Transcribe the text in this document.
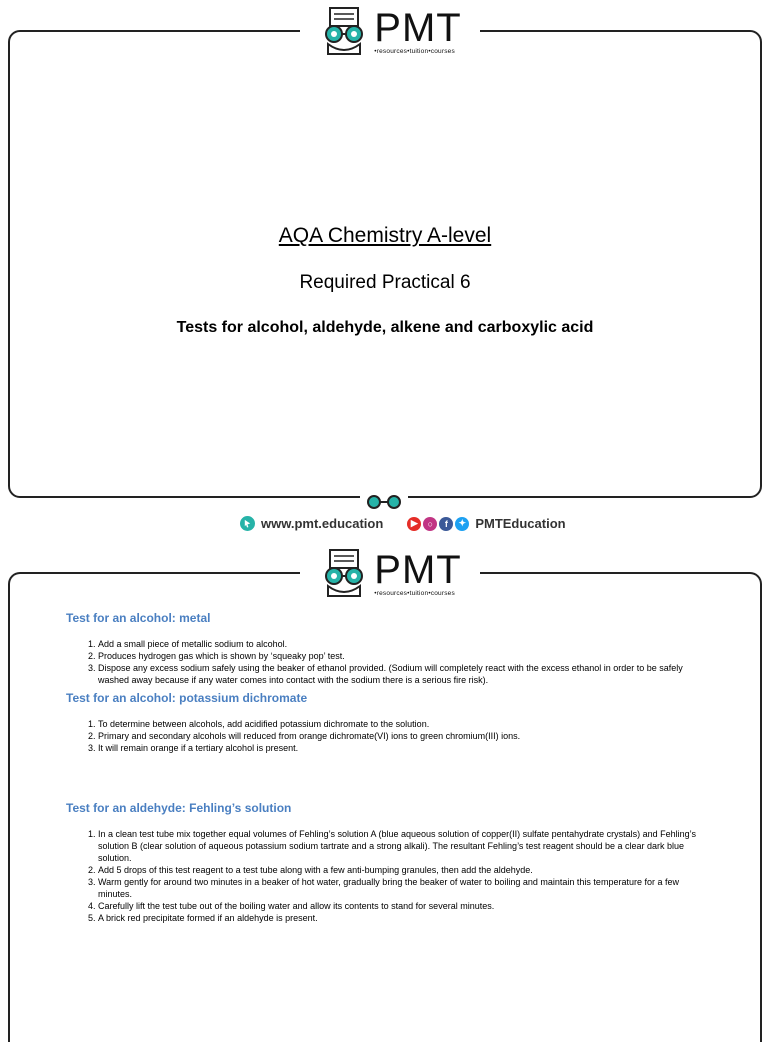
AQA Chemistry A-level
Required Practical 6
Tests for alcohol, aldehyde, alkene and carboxylic acid
PMT
•resources•tuition•courses
www.pmt.education	▶	○	f	✦ PMTEducation
PMT
•resources•tuition•courses
Test for an alcohol: metal
1. Add a small piece of metallic sodium to alcohol.
2. Produces hydrogen gas which is shown by ‘squeaky pop’ test.
3. Dispose any excess sodium safely using the beaker of ethanol provided. (Sodium will completely react with the excess ethanol in order to be safely washed away because if any water comes into contact with the sodium there is a serious fire risk).
Test for an alcohol: potassium dichromate
1. To determine between alcohols, add acidified potassium dichromate to the solution.
2. Primary and secondary alcohols will reduced from orange dichromate(VI) ions to green chromium(III) ions.
3. It will remain orange if a tertiary alcohol is present.
Test for an aldehyde: Fehling’s solution
1. In a clean test tube mix together equal volumes of Fehling’s solution A (blue aqueous solution of copper(II) sulfate pentahydrate crystals) and Fehling’s solution B (clear solution of aqueous potassium sodium tartrate and a strong alkali). The resultant Fehling’s test reagent should be a clear dark blue solution.
2. Add 5 drops of this test reagent to a test tube along with a few anti-bumping granules, then add the aldehyde.
3. Warm gently for around two minutes in a beaker of hot water, gradually bring the beaker of water to boiling and maintain this temperature for a few minutes.
4. Carefully lift the test tube out of the boiling water and allow its contents to stand for several minutes.
5. A brick red precipitate formed if an aldehyde is present.
